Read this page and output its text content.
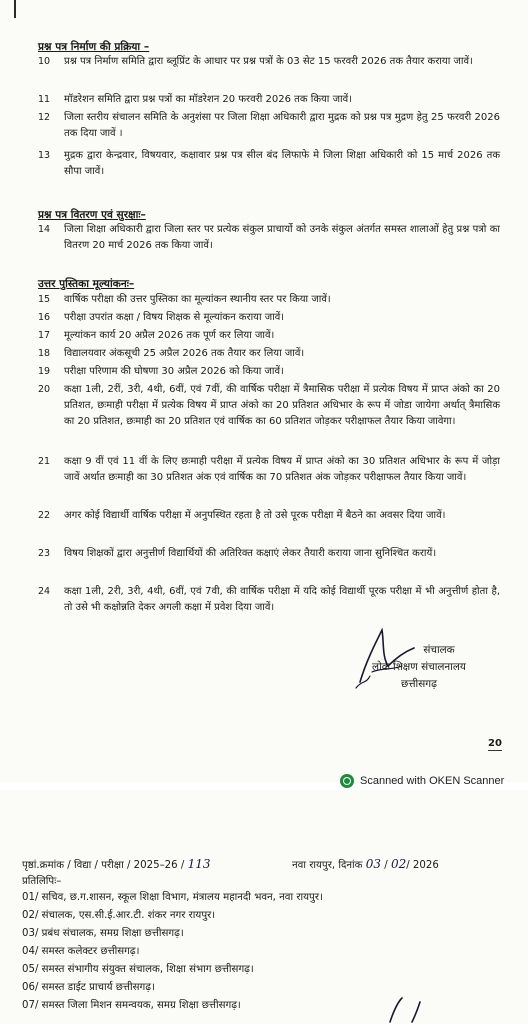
प्रश्न पत्र निर्माण की प्रक्रिया –
10	प्रश्न पत्र निर्माण समिति द्वारा ब्लूप्रिंट के आधार पर प्रश्न पत्रों के 03 सेट 15 फरवरी 2026 तक तैयार कराया जावें।
11	मॉडरेशन समिति द्वारा प्रश्न पत्रों का मॉडरेशन 20 फरवरी 2026 तक किया जावें।
12	जिला स्तरीय संचालन समिति के अनुशंसा पर जिला शिक्षा अधिकारी द्वारा मुद्रक को प्रश्न पत्र मुद्रण हेतु 25 फरवरी 2026 तक दिया जावें ।
13	मुद्रक द्वारा केन्द्रवार, विषयवार, कक्षावार प्रश्न पत्र सील बंद लिफाफे मे जिला शिक्षा अधिकारी को 15 मार्च 2026 तक सौपा जावें।
प्रश्न पत्र वितरण एवं सुरक्षाः–
14	जिला शिक्षा अधिकारी द्वारा जिला स्तर पर प्रत्येक संकुल प्राचार्यो को उनके संकुल अंतर्गत समस्त शालाओं हेतु प्रश्न पत्रो का वितरण 20 मार्च 2026 तक किया जावें।
उत्तर पुस्तिका मूल्यांकनः–
15	वार्षिक परीक्षा की उत्तर पुस्तिका का मूल्यांकन स्थानीय स्तर पर किया जावें।
16	परीक्षा उपरांत कक्षा / विषय शिक्षक से मूल्यांकन कराया जावें।
17	मूल्यांकन कार्य 20 अप्रैल 2026 तक पूर्ण कर लिया जावें।
18	विद्यालयवार अंकसूची 25 अप्रैल 2026 तक तैयार कर लिया जावें।
19	परीक्षा परिणाम की घोषणा 30 अप्रैल 2026 को किया जावें।
20	कक्षा 1ली, 2रीं, 3री, 4थी, 6वीं, एवं 7वीं, की वार्षिक परीक्षा में त्रैमासिक परीक्षा में प्रत्येक विषय में प्राप्त अंको का 20 प्रतिशत, छःमाही परीक्षा में प्रत्येक विषय में प्राप्त अंको का 20 प्रतिशत अधिभार के रूप में जोडा जायेगा अर्थात् त्रैमासिक का 20 प्रतिशत, छःमाही का 20 प्रतिशत एवं वार्षिक का 60 प्रतिशत जोड़कर परीक्षाफल तैयार किया जावेगा।
21	कक्षा 9 वीं एवं 11 वीं के लिए छःमाही परीक्षा में प्रत्येक विषय में प्राप्त अंको का 30 प्रतिशत अधिभार के रूप में जोड़ा जावें अर्थात छःमाही का 30 प्रतिशत अंक एवं वार्षिक का 70 प्रतिशत अंक जोड़कर परीक्षाफल तैयार किया जावें।
22	अगर कोई विद्यार्थी वार्षिक परीक्षा में अनुपस्थित रहता है तो उसे पूरक परीक्षा में बैठने का अवसर दिया जावें।
23	विषय शिक्षकों द्वारा अनुत्तीर्ण विद्यार्थियों की अतिरिक्त कक्षाएं लेकर तैयारी कराया जाना सुनिश्चित करायें।
24	कक्षा 1ली, 2री, 3री, 4थी, 6वीं, एवं 7वी, की वार्षिक परीक्षा में यदि कोई विद्यार्थी पूरक परीक्षा में भी अनुत्तीर्ण होता है, तो उसे भी कक्षोन्नति देकर अगली कक्षा में प्रवेश दिया जावें।
संचालक
लोक शिक्षण संचालनालय
छत्तीसगढ़
20
Scanned with OKEN Scanner
पृष्ठां.क्रमांक / विद्या / परीक्षा / 2025–26 / 113	नवा रायपुर, दिनांक 03 / 02/ 2026
प्रतिलिपिः–
01/ सचिव, छ.ग.शासन, स्कूल शिक्षा विभाग, मंत्रालय महानदी भवन, नवा रायपुर।
02/ संचालक, एस.सी.ई.आर.टी. शंकर नगर रायपुर।
03/ प्रबंध संचालक, समग्र शिक्षा छत्तीसगढ़।
04/ समस्त कलेक्टर छत्तीसगढ़।
05/ समस्त संभागीय संयुक्त संचालक, शिक्षा संभाग छत्तीसगढ़।
06/ समस्त डाईट प्राचार्य छत्तीसगढ़।
07/ समस्त जिला मिशन समन्वयक, समग्र शिक्षा छत्तीसगढ़।
